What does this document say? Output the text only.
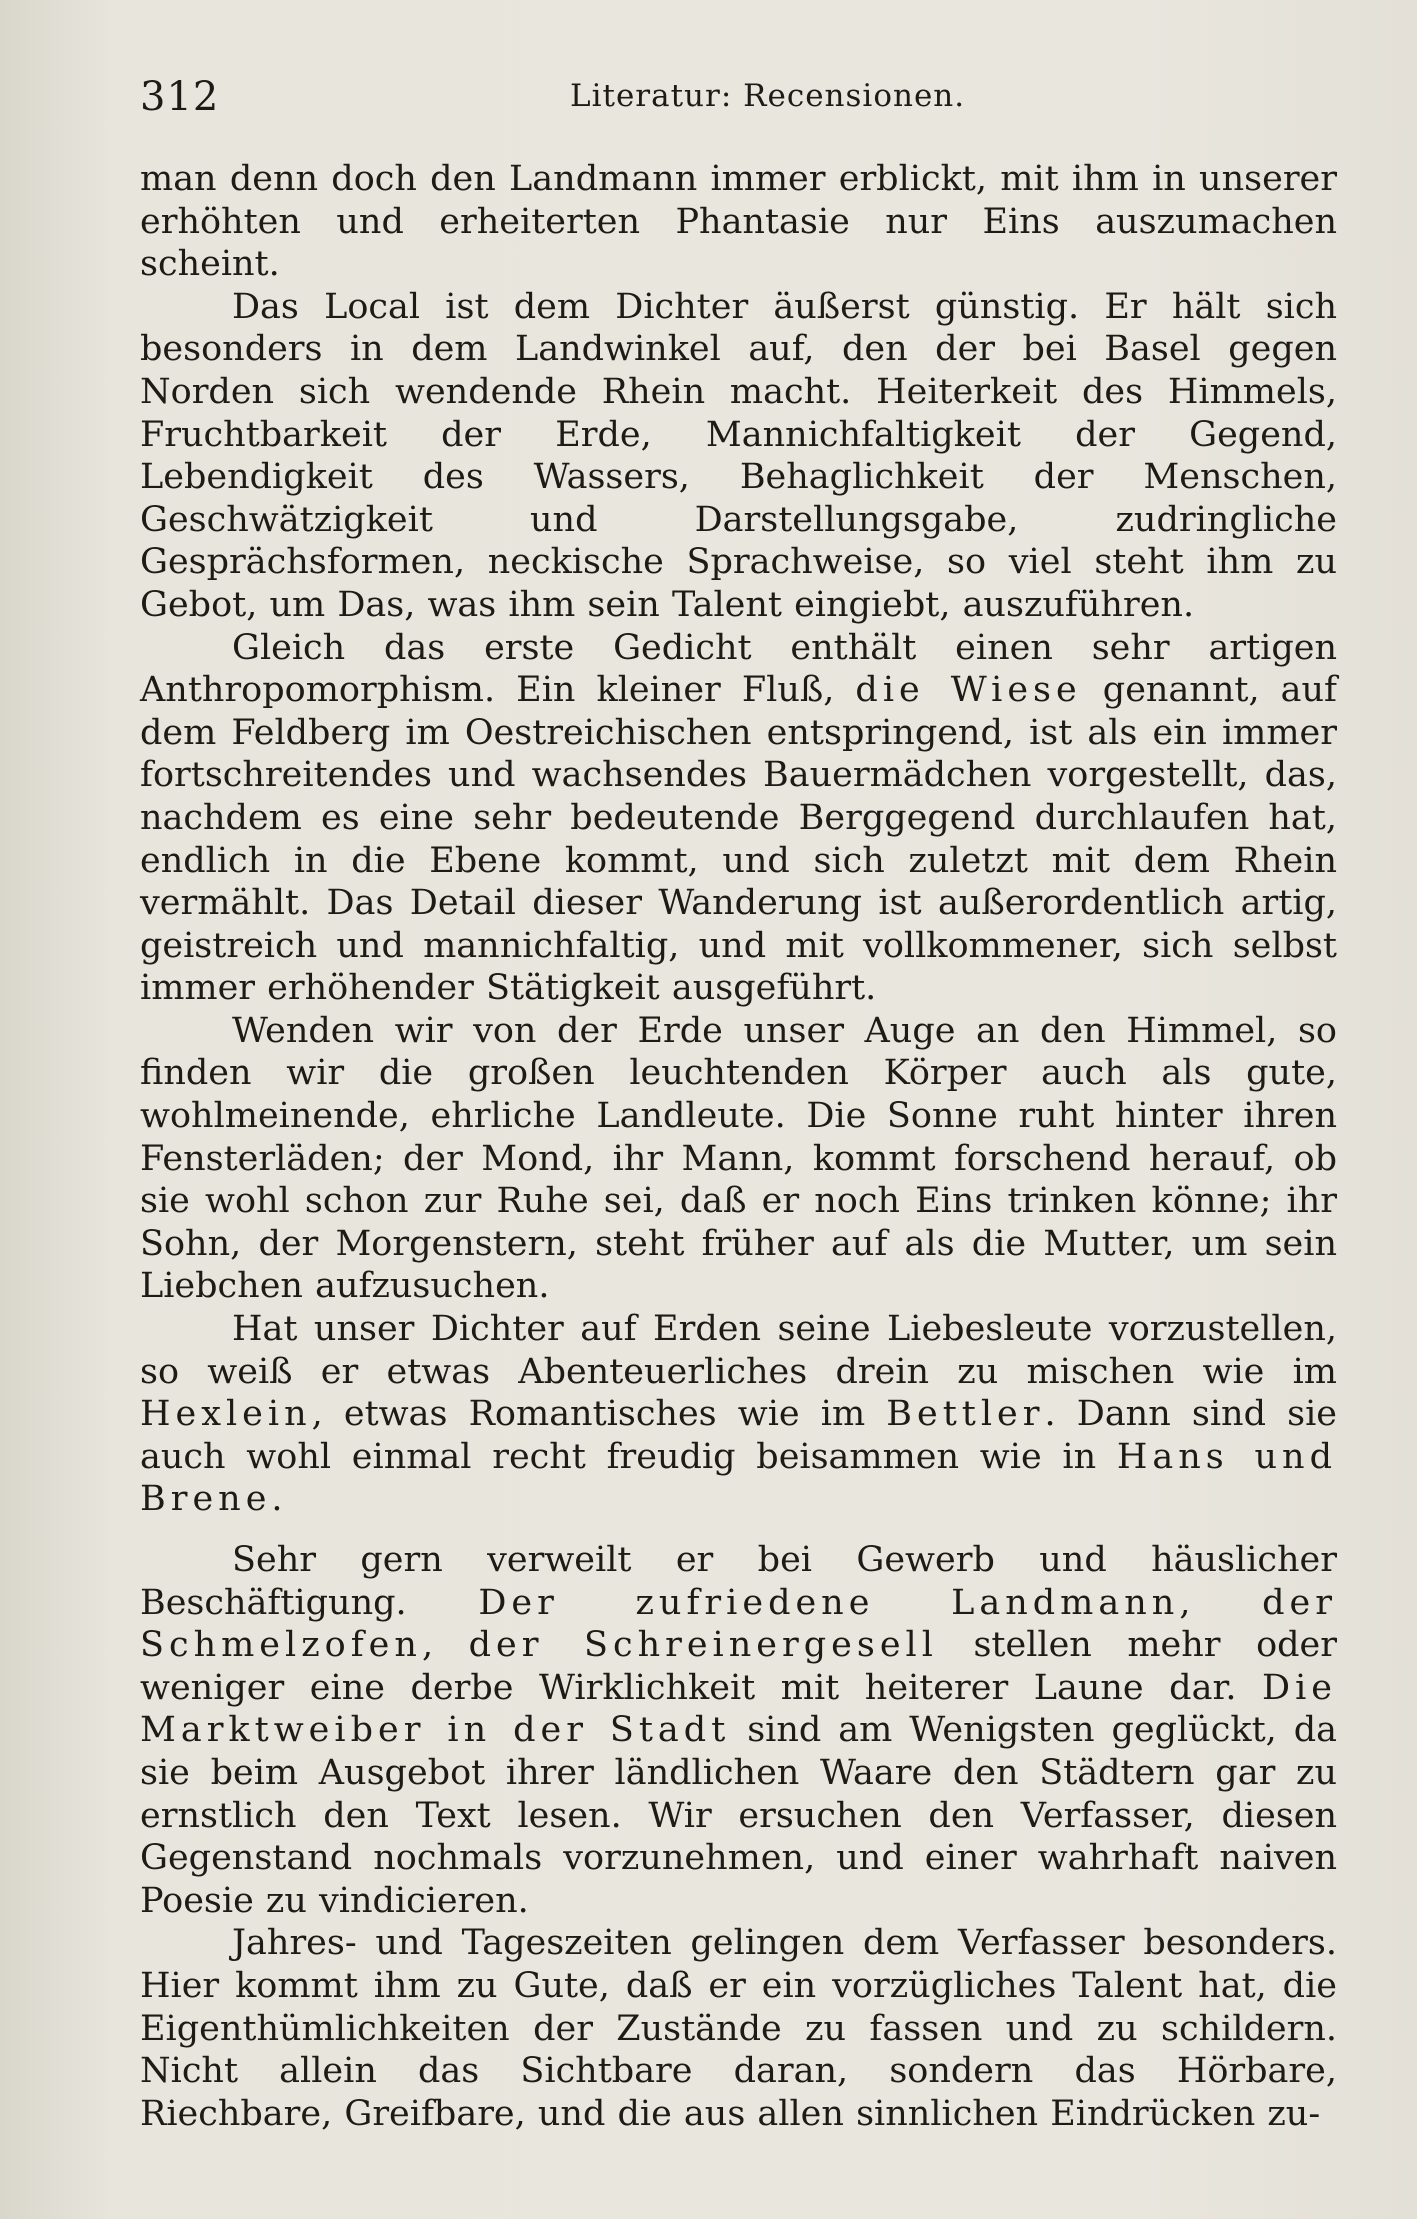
312	Literatur: Recensionen.

man denn doch den Landmann immer erblickt, mit ihm in unserer erhöhten und erheiterten Phantasie nur Eins auszumachen scheint.

Das Local ist dem Dichter äußerst günstig. Er hält sich besonders in dem Landwinkel auf, den der bei Basel gegen Norden sich wendende Rhein macht. Heiterkeit des Himmels, Fruchtbarkeit der Erde, Mannichfaltigkeit der Gegend, Lebendigkeit des Wassers, Behaglichkeit der Menschen, Geschwätzigkeit und Darstellungsgabe, zudringliche Gesprächsformen, neckische Sprachweise, so viel steht ihm zu Gebot, um Das, was ihm sein Talent eingiebt, auszuführen.

Gleich das erste Gedicht enthält einen sehr artigen Anthropomorphism. Ein kleiner Fluß, die Wiese genannt, auf dem Feldberg im Oestreichischen entspringend, ist als ein immer fortschreitendes und wachsendes Bauermädchen vorgestellt, das, nachdem es eine sehr bedeutende Berggegend durchlaufen hat, endlich in die Ebene kommt, und sich zuletzt mit dem Rhein vermählt. Das Detail dieser Wanderung ist außerordentlich artig, geistreich und mannichfaltig, und mit vollkommener, sich selbst immer erhöhender Stätigkeit ausgeführt.

Wenden wir von der Erde unser Auge an den Himmel, so finden wir die großen leuchtenden Körper auch als gute, wohlmeinende, ehrliche Landleute. Die Sonne ruht hinter ihren Fensterläden; der Mond, ihr Mann, kommt forschend herauf, ob sie wohl schon zur Ruhe sei, daß er noch Eins trinken könne; ihr Sohn, der Morgenstern, steht früher auf als die Mutter, um sein Liebchen aufzusuchen.

Hat unser Dichter auf Erden seine Liebesleute vorzustellen, so weiß er etwas Abenteuerliches drein zu mischen wie im Hexlein, etwas Romantisches wie im Bettler. Dann sind sie auch wohl einmal recht freudig beisammen wie in Hans und Brene.

Sehr gern verweilt er bei Gewerb und häuslicher Beschäftigung. Der zufriedene Landmann, der Schmelzofen, der Schreinergesell stellen mehr oder weniger eine derbe Wirklichkeit mit heiterer Laune dar. Die Marktweiber in der Stadt sind am Wenigsten geglückt, da sie beim Ausgebot ihrer ländlichen Waare den Städtern gar zu ernstlich den Text lesen. Wir ersuchen den Verfasser, diesen Gegenstand nochmals vorzunehmen, und einer wahrhaft naiven Poesie zu vindicieren.

Jahres- und Tageszeiten gelingen dem Verfasser besonders. Hier kommt ihm zu Gute, daß er ein vorzügliches Talent hat, die Eigenthümlichkeiten der Zustände zu fassen und zu schildern. Nicht allein das Sichtbare daran, sondern das Hörbare, Riechbare, Greifbare, und die aus allen sinnlichen Eindrücken zu-
